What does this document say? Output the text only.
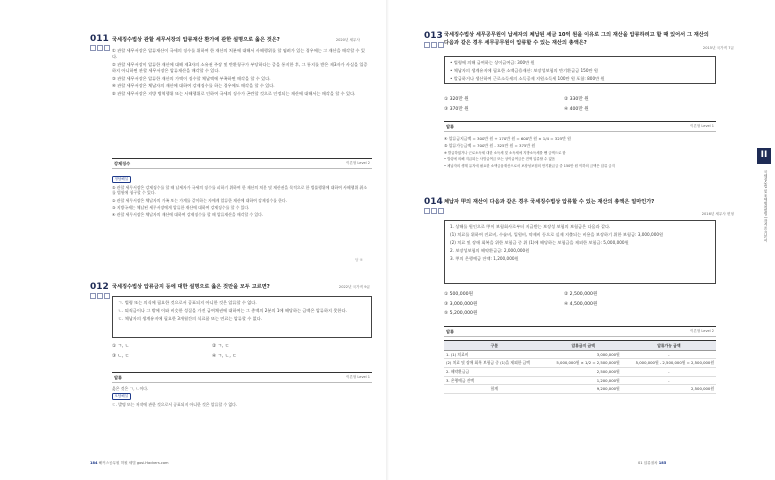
011 국세징수법상 관할 세무서장의 압류재산 환가에 관한 설명으로 옳은 것은?	2020년 세무사
① 관할 세무서장은 압류재산이 국세의 징수를 위하여 한 재산의 처분에 대해서 사해행위를 할 염려가 있는 경우에는 그 재산을 매각할 수 있다.
② 관할 세무서장이 압류한 재산에 대해 제3자의 소유권 주장 및 반환청구가 부당하다는 증을 통지한 후, 그 통지를 받은 제3자가 사실을 입증하지 아니하면 관할 세무서장은 압류재산을 매각할 수 있다.
③ 관할 세무서장은 압류한 재산의 가액이 징수할 체납액에 부족하면 매각을 할 수 있다.
④ 관할 세무서장은 체납자의 재산에 대하여 강제징수를 하는 경우에도 매각을 할 수 있다.
⑤ 관할 세무서장은 지방 병역행위 또는 사해행위로 인하여 국세의 징수가 곤란할 것으로 인정되는 재산에 대해서는 매각을 할 수 있다.
강제징수	이론형 Level 2

정답해설

⑤ 관할 세무서장은 강제징수를 할 때 납세자가 국세의 징수를 피하기 위하여 한 재산의 처분 및 재산권을 목적으로 한 법률행위에 대하여 사해행위 취소를 법원에 청구할 수 있다.

② 관할 세무서장은 체납자의 가족 또는 가계를 같이하는 자에게 압류한 재산에 대하여 강제징수를 한다.

③ 지방국세는 체납된 세무서장에게 압류한 재산에 대하여 강제징수를 할 수 있다.

④ 관할 세무서장은 체납자의 재산에 대하여 강제징수를 할 때 압류재산을 매각할 수 있다.

답 ⑤
012 국세징수법상 압류금지 등에 대한 설명으로 옳은 것만을 모두 고르면?	2022년 국가직 9급

ㄱ. 법령 또는 의식에 필요한 것으로서 공표되지 아니한 것은 압류할 수 없다.

ㄴ. 퇴직금이나 그 밖에 이와 비슷한 성질을 가진 급여채권에 대하여는 그 총액의 2분의 1에 해당하는 금액은 압류하지 못한다.

ㄷ. 체납자의 생계유지에 필요한 3개월간의 식료품 또는 연료는 압류할 수 없다.

① ㄱ, ㄴ	② ㄱ, ㄷ
③ ㄴ, ㄷ	④ ㄱ, ㄴ, ㄷ
압류	이론형 Level 1

옳은 것은 ㄱ, ㄴ이다.

오답해설

ㄷ. 발명 또는 저작에 관한 것으로서 공표되지 아니한 것은 압류할 수 없다.

184 해커스공무원 허원 세법 gosi.Hackers.com
013 국세징수법상 세무공무원이 납세자의 체납된 세금 10억 원을 이유로 그의 재산을 압류하려고 할 때 있어서 그 재산의 다음과 같은 경우 세무공무원이 압류할 수 있는 재산의 총액은?
2015년 국가직 7급

• 법령에 의해 급여하는 상이급여금: 300만 원

• 체납자의 생계유지에 필요한 소액금융재산: 보장성보험의 만기환급금 150만 원

• 발급하거나 생산하여 근로소득세의 소득공제 지원소득세 100만 원 포함: 800만 원

① 320만 원	② 330만 원
③ 370만 원	④ 400만 원
압류	이론형 Level 1

④ 압류금지금액 = 300만 원 + 170만 원 = 600만 원 × 1/4 = 325만 원

⑤ 압류가능금액 = 700만 원 - 325만 원 = 375만 원

※ 발급하였거나 근로소득세 대한 소득세 및 소득세에 지방소득세를 뺀 금액으로 함

• 법령에 의해 지급되는 사망급여금 또는 상이급여금은 전액 압류할 수 없음

• 체납자의 생계 유지에 필요한 소액금융재산으로서 보장성보험의 만기환급금 중 150만 원 이하의 금액은 압류 금지

014 체납자 甲의 재산이 다음과 같은 경우 국세징수법상 압류할 수 있는 재산의 총액은 얼마인가?
2016년 세무사 변형

1. 상해를 원인으로 甲이 보험회사로부터 지급받는 보장성 보험의 보험금은 다음과 같다.

(1) 치료를 위하여 진료비, 수술비, 입원비, 약제비 등으로 실제 지출되는 비용을 보장하기 위한 보험금: 3,000,000원

(2) 치료 및 장애 회복을 위한 보험금 중 위 (1)에 해당하는 보험금을 제외한 보험금: 5,000,000원

2. 보장성보험의 해약환급금: 2,000,000원

3. 甲의 은행예금 잔액: 1,200,000원

① 500,000원	② 2,500,000원
③ 3,000,000원	④ 4,500,000원
⑤ 5,200,000원
압류	이론형 Level 2
구분	압류금지 금액	압류가능 금액
1. (1) 치료비	3,000,000원	-
(2) 치료 및 장애 회복 보험금 중 (1)을 제외한 금액	5,000,000원 × 1/2 = 2,500,000원	5,000,000원 - 2,500,000원 = 2,500,000원
2. 해약환급금	2,500,000원	-
3. 은행예금 잔액	1,200,000원	-
합계	9,200,000원	2,500,000원
01 압류절차 185
II
국세징수법 및 조세범처벌법 | 자격증 기본서
